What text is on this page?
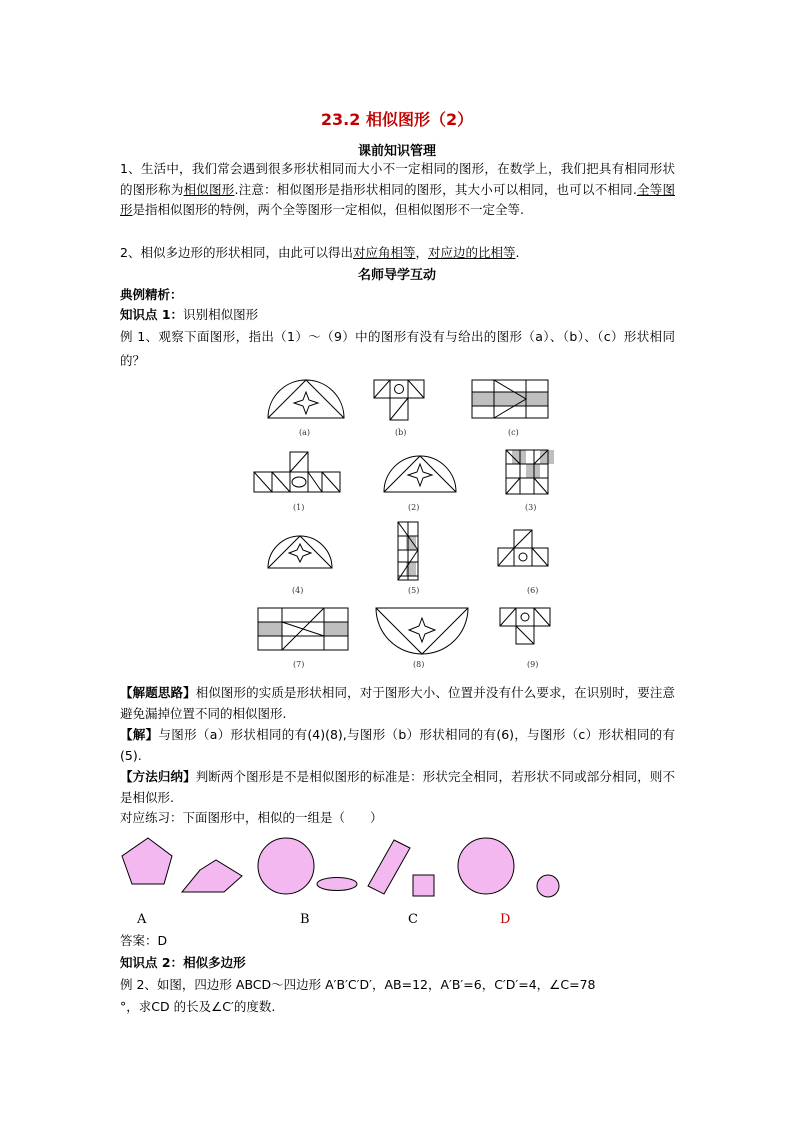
23.2 相似图形（2）
课前知识管理
1、生活中，我们常会遇到很多形状相同而大小不一定相同的图形，在数学上，我们把具有相同形状的图形称为相似图形.注意：相似图形是指形状相同的图形，其大小可以相同，也可以不相同.全等图形是指相似图形的特例，两个全等图形一定相似，但相似图形不一定全等.
2、相似多边形的形状相同，由此可以得出对应角相等，对应边的比相等.
名师导学互动
典例精析：
知识点 1：识别相似图形
例 1、观察下面图形，指出（1）～（9）中的图形有没有与给出的图形（a）、（b）、（c）形状相同的？
(a)	(b)	(c)
(1)	(2)	(3)
(4)	(5)	(6)
(7)	(8)	(9)
【解题思路】相似图形的实质是形状相同，对于图形大小、位置并没有什么要求，在识别时，要注意避免漏掉位置不同的相似图形.
【解】与图形（a）形状相同的有(4)(8),与图形（b）形状相同的有(6)，与图形（c）形状相同的有(5).
【方法归纳】判断两个图形是不是相似图形的标准是：形状完全相同，若形状不同或部分相同，则不是相似形.
对应练习：下面图形中，相似的一组是（　　）
A	B	C	D
答案：D
知识点 2：相似多边形
例 2、如图，四边形 ABCD～四边形 A′B′C′D′，AB=12，A′B′=6，C′D′=4，∠C=78
°，求CD 的长及∠C′的度数.
